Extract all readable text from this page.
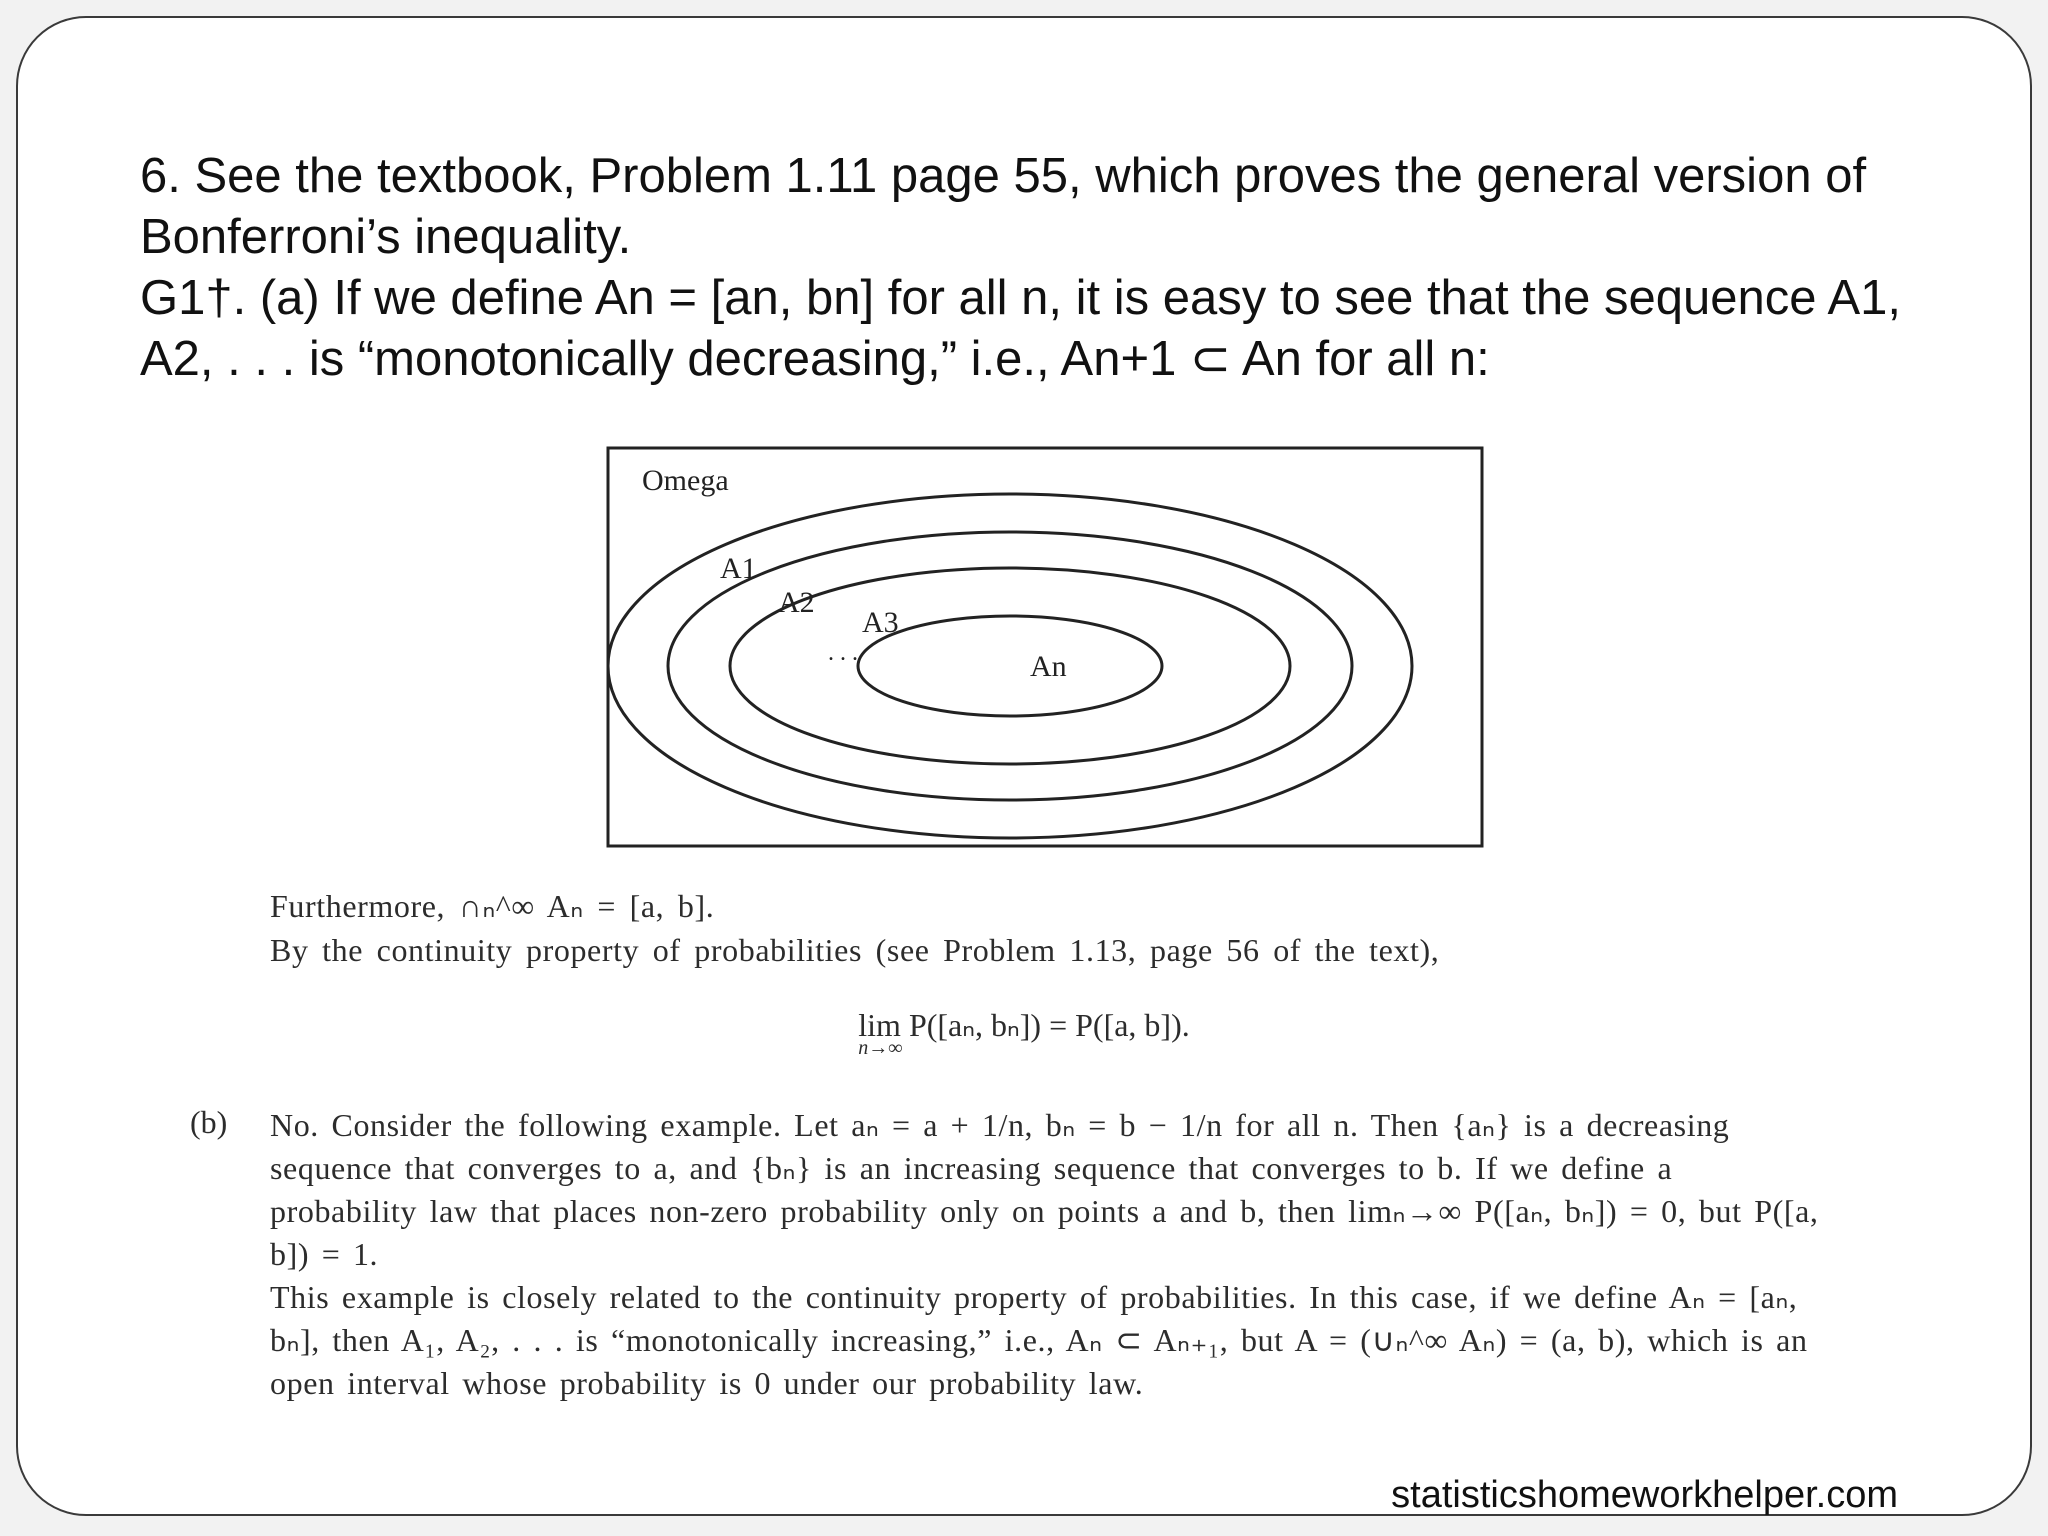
6. See the textbook, Problem 1.11 page 55, which proves the general version of Bonferroni’s inequality.

G1†. (a) If we define An = [an, bn] for all n, it is easy to see that the sequence A1, A2, . . . is “monotonically decreasing,” i.e., An+1 ⊂ An for all n:

Omega
A1
A2
A3
. . .	An

Furthermore, ∩ₙ^∞ Aₙ = [a, b].

By the continuity property of probabilities (see Problem 1.13, page 56 of the text),

lim
n→∞
P([aₙ, bₙ]) = P([a, b]).
(b) No. Consider the following example. Let aₙ = a + 1/n, bₙ = b − 1/n for all n. Then {aₙ} is a decreasing sequence that converges to a, and {bₙ} is an increasing sequence that converges to b. If we define a probability law that places non-zero probability only on points a and b, then limₙ→∞ P([aₙ, bₙ]) = 0, but P([a, b]) = 1.

This example is closely related to the continuity property of probabilities. In this case, if we define Aₙ = [aₙ, bₙ], then A₁, A₂, . . . is “monotonically increasing,” i.e., Aₙ ⊂ Aₙ₊₁, but A = (∪ₙ^∞ Aₙ) = (a, b), which is an open interval whose probability is 0 under our probability law.

statisticshomeworkhelper.com
